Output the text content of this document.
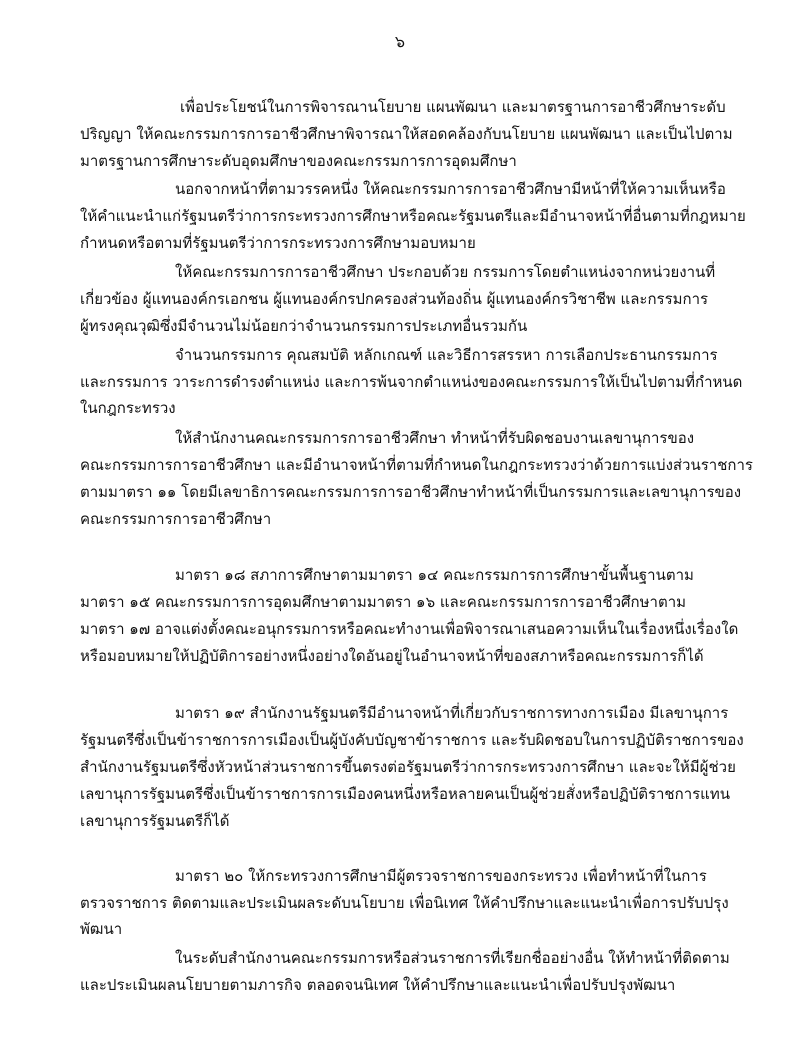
๖
เพื่อประโยชน์ในการพิจารณานโยบาย แผนพัฒนา และมาตรฐานการอาชีวศึกษาระดับ
ปริญญา ให้คณะกรรมการการอาชีวศึกษาพิจารณาให้สอดคล้องกับนโยบาย แผนพัฒนา และเป็นไปตาม
มาตรฐานการศึกษาระดับอุดมศึกษาของคณะกรรมการการอุดมศึกษา
นอกจากหน้าที่ตามวรรคหนึ่ง ให้คณะกรรมการการอาชีวศึกษามีหน้าที่ให้ความเห็นหรือ
ให้คำแนะนำแก่รัฐมนตรีว่าการกระทรวงการศึกษาหรือคณะรัฐมนตรีและมีอำนาจหน้าที่อื่นตามที่กฎหมาย
กำหนดหรือตามที่รัฐมนตรีว่าการกระทรวงการศึกษามอบหมาย
ให้คณะกรรมการการอาชีวศึกษา ประกอบด้วย กรรมการโดยตำแหน่งจากหน่วยงานที่
เกี่ยวข้อง ผู้แทนองค์กรเอกชน ผู้แทนองค์กรปกครองส่วนท้องถิ่น ผู้แทนองค์กรวิชาชีพ และกรรมการ
ผู้ทรงคุณวุฒิซึ่งมีจำนวนไม่น้อยกว่าจำนวนกรรมการประเภทอื่นรวมกัน
จำนวนกรรมการ คุณสมบัติ หลักเกณฑ์ และวิธีการสรรหา การเลือกประธานกรรมการ
และกรรมการ วาระการดำรงตำแหน่ง และการพ้นจากตำแหน่งของคณะกรรมการให้เป็นไปตามที่กำหนด
ในกฎกระทรวง
ให้สำนักงานคณะกรรมการการอาชีวศึกษา ทำหน้าที่รับผิดชอบงานเลขานุการของ
คณะกรรมการการอาชีวศึกษา และมีอำนาจหน้าที่ตามที่กำหนดในกฎกระทรวงว่าด้วยการแบ่งส่วนราชการ
ตามมาตรา ๑๑ โดยมีเลขาธิการคณะกรรมการการอาชีวศึกษาทำหน้าที่เป็นกรรมการและเลขานุการของ
คณะกรรมการการอาชีวศึกษา
มาตรา ๑๘ สภาการศึกษาตามมาตรา ๑๔ คณะกรรมการการศึกษาขั้นพื้นฐานตาม
มาตรา ๑๕ คณะกรรมการการอุดมศึกษาตามมาตรา ๑๖ และคณะกรรมการการอาชีวศึกษาตาม
มาตรา ๑๗ อาจแต่งตั้งคณะอนุกรรมการหรือคณะทำงานเพื่อพิจารณาเสนอความเห็นในเรื่องหนึ่งเรื่องใด
หรือมอบหมายให้ปฏิบัติการอย่างหนึ่งอย่างใดอันอยู่ในอำนาจหน้าที่ของสภาหรือคณะกรรมการก็ได้
มาตรา ๑๙ สำนักงานรัฐมนตรีมีอำนาจหน้าที่เกี่ยวกับราชการทางการเมือง มีเลขานุการ
รัฐมนตรีซึ่งเป็นข้าราชการการเมืองเป็นผู้บังคับบัญชาข้าราชการ และรับผิดชอบในการปฏิบัติราชการของ
สำนักงานรัฐมนตรีซึ่งหัวหน้าส่วนราชการขึ้นตรงต่อรัฐมนตรีว่าการกระทรวงการศึกษา และจะให้มีผู้ช่วย
เลขานุการรัฐมนตรีซึ่งเป็นข้าราชการการเมืองคนหนึ่งหรือหลายคนเป็นผู้ช่วยสั่งหรือปฏิบัติราชการแทน
เลขานุการรัฐมนตรีก็ได้
มาตรา ๒๐ ให้กระทรวงการศึกษามีผู้ตรวจราชการของกระทรวง เพื่อทำหน้าที่ในการ
ตรวจราชการ ติดตามและประเมินผลระดับนโยบาย เพื่อนิเทศ ให้คำปรึกษาและแนะนำเพื่อการปรับปรุง
พัฒนา
ในระดับสำนักงานคณะกรรมการหรือส่วนราชการที่เรียกชื่ออย่างอื่น ให้ทำหน้าที่ติดตาม
และประเมินผลนโยบายตามภารกิจ ตลอดจนนิเทศ ให้คำปรึกษาและแนะนำเพื่อปรับปรุงพัฒนา
